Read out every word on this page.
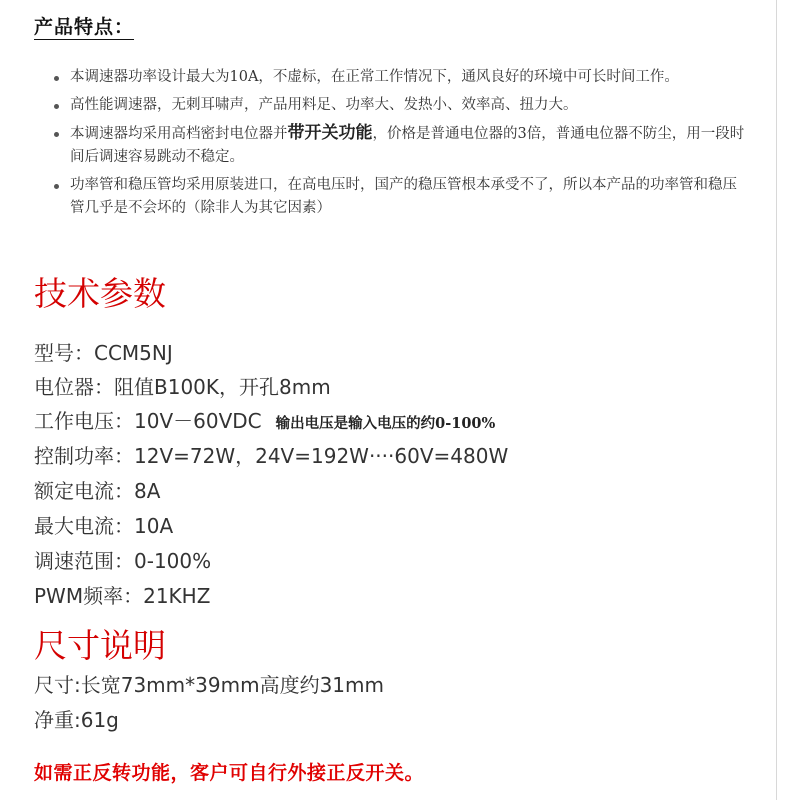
产品特点：
本调速器功率设计最大为10A，不虚标，在正常工作情况下，通风良好的环境中可长时间工作。
高性能调速器，无刺耳啸声，产品用料足、功率大、发热小、效率高、扭力大。
本调速器均采用高档密封电位器并带开关功能，价格是普通电位器的3倍，普通电位器不防尘，用一段时间后调速容易跳动不稳定。
功率管和稳压管均采用原装进口，在高电压时，国产的稳压管根本承受不了，所以本产品的功率管和稳压管几乎是不会坏的（除非人为其它因素）
技术参数
型号：CCM5NJ
电位器：阻值B100K，开孔8mm
工作电压：10V－60VDC 输出电压是输入电压的约0-100%
控制功率：12V=72W，24V=192W····60V=480W
额定电流：8A
最大电流：10A
调速范围：0-100%
PWM频率：21KHZ
尺寸说明
尺寸:长宽73mm*39mm高度约31mm
净重:61g
如需正反转功能，客户可自行外接正反开关。
